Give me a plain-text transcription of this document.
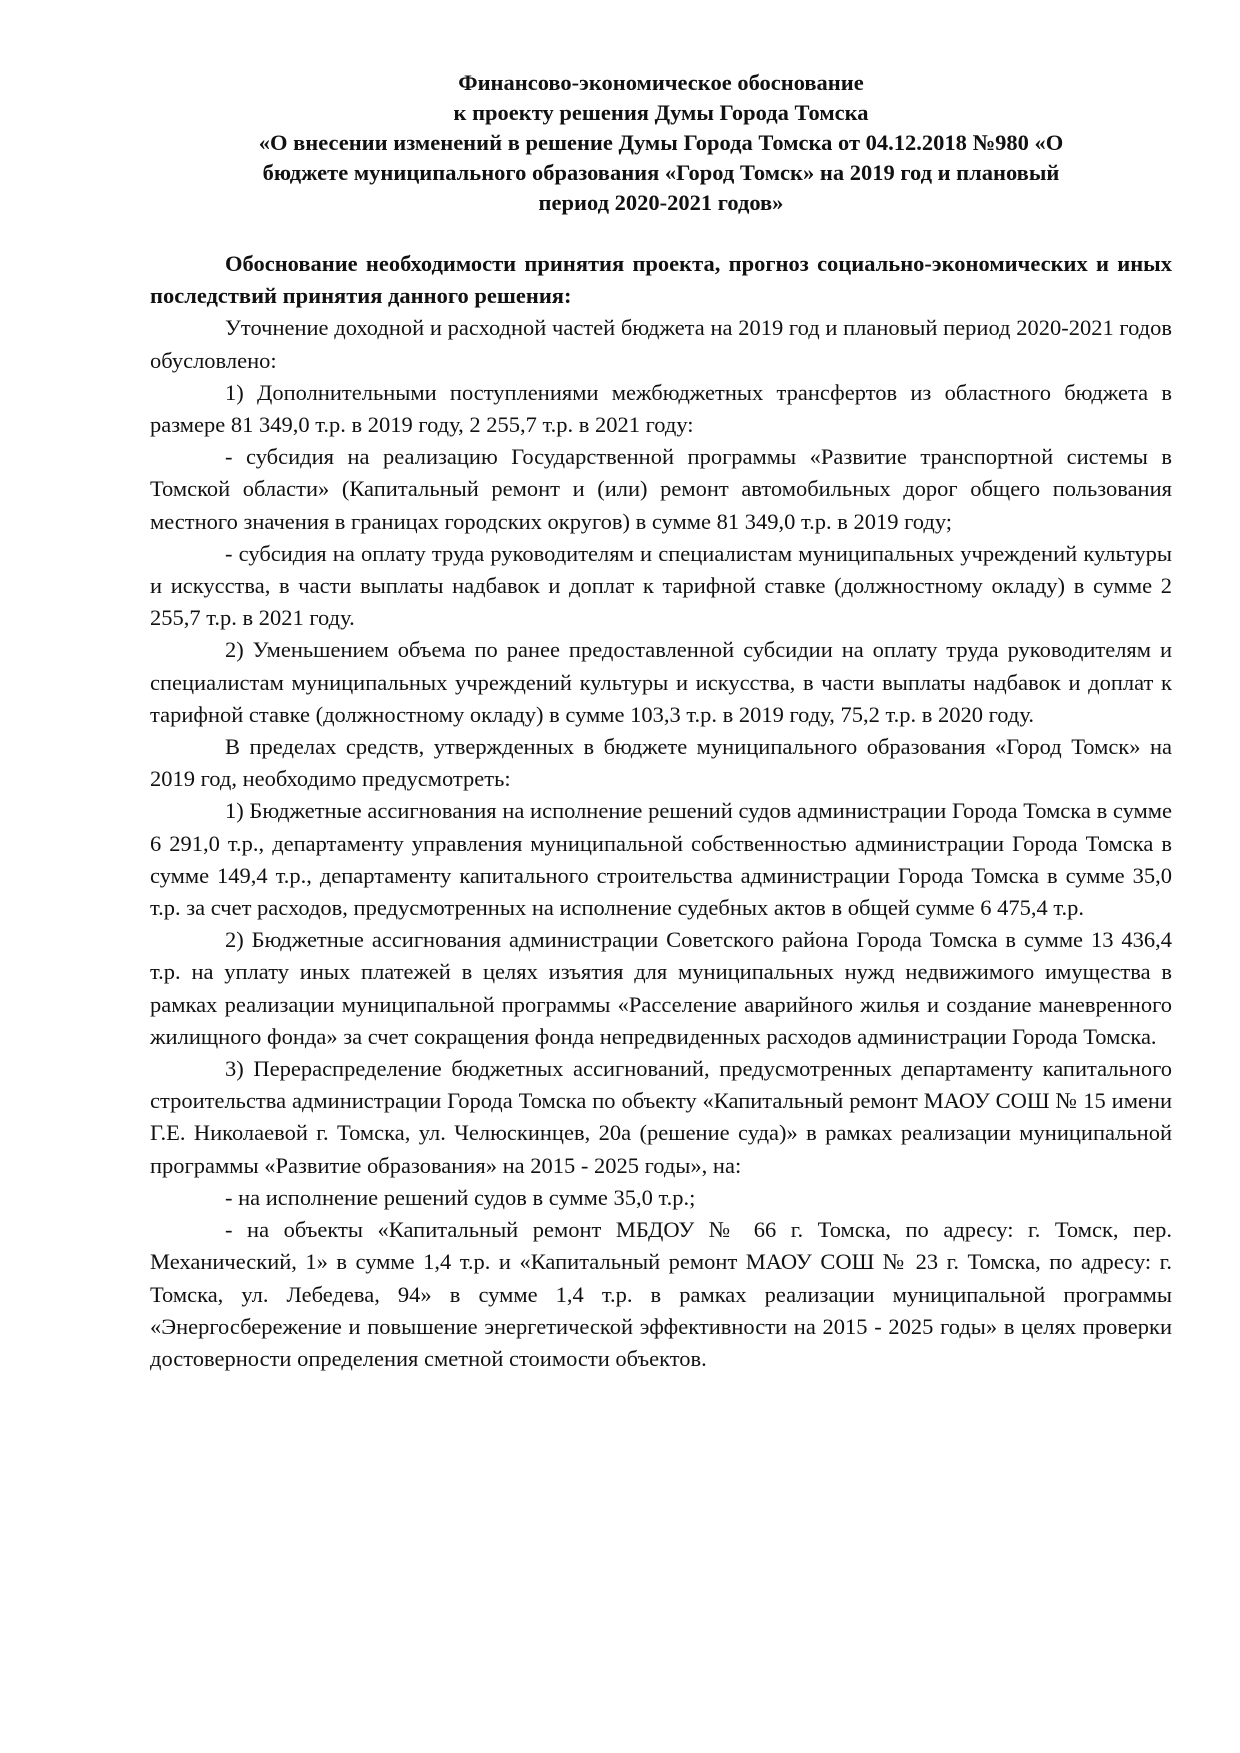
Финансово-экономическое обоснование
к проекту решения Думы Города Томска
«О внесении изменений в решение Думы Города Томска от 04.12.2018 №980 «О
бюджете муниципального образования «Город Томск» на 2019 год и плановый
период 2020-2021 годов»

Обоснование необходимости принятия проекта, прогноз социально-экономических и иных последствий принятия данного решения:

Уточнение доходной и расходной частей бюджета на 2019 год и плановый период 2020-2021 годов обусловлено:

1) Дополнительными поступлениями межбюджетных трансфертов из областного бюджета в размере 81 349,0 т.р. в 2019 году, 2 255,7 т.р. в 2021 году:

- субсидия на реализацию Государственной программы «Развитие транспортной системы в Томской области» (Капитальный ремонт и (или) ремонт автомобильных дорог общего пользования местного значения в границах городских округов) в сумме 81 349,0 т.р. в 2019 году;

- субсидия на оплату труда руководителям и специалистам муниципальных учреждений культуры и искусства, в части выплаты надбавок и доплат к тарифной ставке (должностному окладу) в сумме 2 255,7 т.р. в 2021 году.

2) Уменьшением объема по ранее предоставленной субсидии на оплату труда руководителям и специалистам муниципальных учреждений культуры и искусства, в части выплаты надбавок и доплат к тарифной ставке (должностному окладу) в сумме 103,3 т.р. в 2019 году, 75,2 т.р. в 2020 году.

В пределах средств, утвержденных в бюджете муниципального образования «Город Томск» на 2019 год, необходимо предусмотреть:

1) Бюджетные ассигнования на исполнение решений судов администрации Города Томска в сумме 6 291,0 т.р., департаменту управления муниципальной собственностью администрации Города Томска в сумме 149,4 т.р., департаменту капитального строительства администрации Города Томска в сумме 35,0 т.р. за счет расходов, предусмотренных на исполнение судебных актов в общей сумме 6 475,4 т.р.

2) Бюджетные ассигнования администрации Советского района Города Томска в сумме 13 436,4 т.р. на уплату иных платежей в целях изъятия для муниципальных нужд недвижимого имущества в рамках реализации муниципальной программы «Расселение аварийного жилья и создание маневренного жилищного фонда» за счет сокращения фонда непредвиденных расходов администрации Города Томска.

3) Перераспределение бюджетных ассигнований, предусмотренных департаменту капитального строительства администрации Города Томска по объекту «Капитальный ремонт МАОУ СОШ № 15 имени Г.Е. Николаевой г. Томска, ул. Челюскинцев, 20а (решение суда)» в рамках реализации муниципальной программы «Развитие образования» на 2015 - 2025 годы», на:

- на исполнение решений судов в сумме 35,0 т.р.;

- на объекты «Капитальный ремонт МБДОУ № 66 г. Томска, по адресу: г. Томск, пер. Механический, 1» в сумме 1,4 т.р. и «Капитальный ремонт МАОУ СОШ № 23 г. Томска, по адресу: г. Томска, ул. Лебедева, 94» в сумме 1,4 т.р. в рамках реализации муниципальной программы «Энергосбережение и повышение энергетической эффективности на 2015 - 2025 годы» в целях проверки достоверности определения сметной стоимости объектов.
